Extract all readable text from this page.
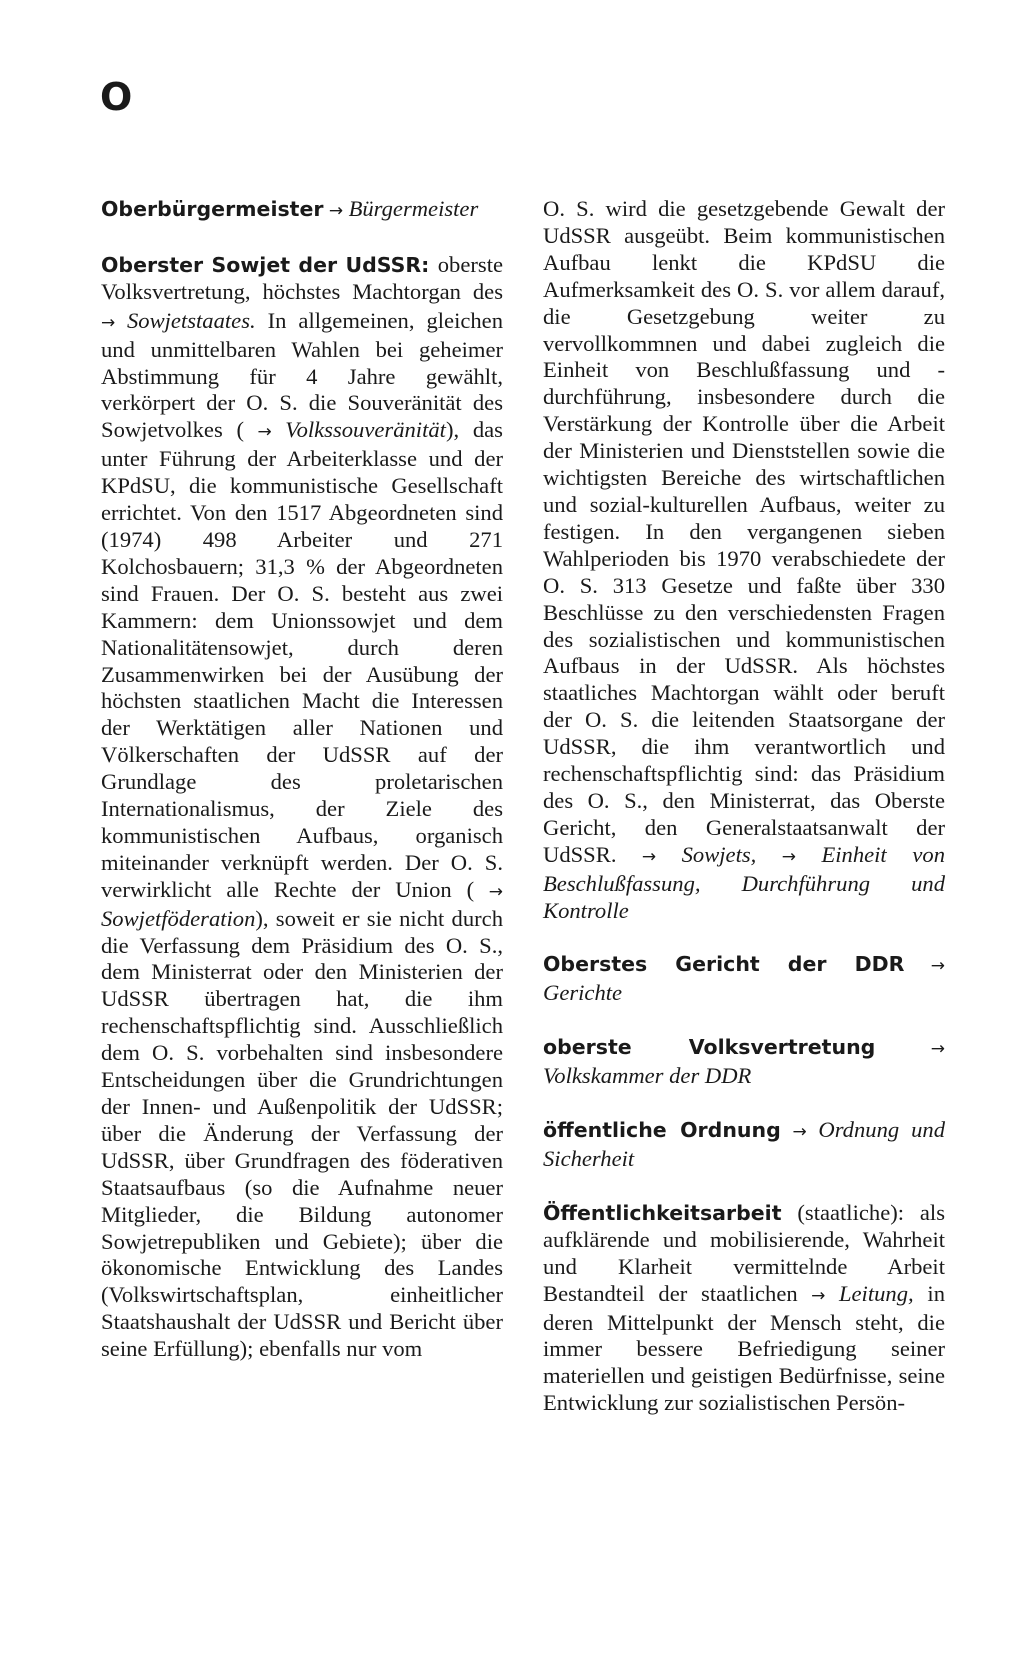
O

Oberbürgermeister → Bürgermeister

Oberster Sowjet der UdSSR: oberste Volksvertretung, höchstes Machtorgan des → Sowjetstaates. In allgemeinen, gleichen und unmittelbaren Wahlen bei geheimer Abstimmung für 4 Jahre gewählt, verkörpert der O. S. die Souveränität des Sowjetvolkes ( → Volkssouveränität), das unter Führung der Arbeiterklasse und der KPdSU, die kommunistische Gesellschaft errichtet. Von den 1517 Abgeordneten sind (1974) 498 Arbeiter und 271 Kolchosbauern; 31,3 % der Abgeordneten sind Frauen. Der O. S. besteht aus zwei Kammern: dem Unionssowjet und dem Nationalitätensowjet, durch deren Zusammenwirken bei der Ausübung der höchsten staatlichen Macht die Interessen der Werktätigen aller Nationen und Völkerschaften der UdSSR auf der Grundlage des proletarischen Internationalismus, der Ziele des kommunistischen Aufbaus, organisch miteinander verknüpft werden. Der O. S. verwirklicht alle Rechte der Union ( → Sowjetföderation), soweit er sie nicht durch die Verfassung dem Präsidium des O. S., dem Ministerrat oder den Ministerien der UdSSR übertragen hat, die ihm rechenschaftspflichtig sind. Ausschließlich dem O. S. vorbehalten sind insbesondere Entscheidungen über die Grundrichtungen der Innen- und Außenpolitik der UdSSR; über die Änderung der Verfassung der UdSSR, über Grundfragen des föderativen Staatsaufbaus (so die Aufnahme neuer Mitglieder, die Bildung autonomer Sowjetrepubliken und Gebiete); über die ökonomische Entwicklung des Landes (Volkswirtschaftsplan, einheitlicher Staatshaushalt der UdSSR und Bericht über seine Erfüllung); ebenfalls nur vom

O. S. wird die gesetzgebende Gewalt der UdSSR ausgeübt. Beim kommunistischen Aufbau lenkt die KPdSU die Aufmerksamkeit des O. S. vor allem darauf, die Gesetzgebung weiter zu vervollkommnen und dabei zugleich die Einheit von Beschlußfassung und -durchführung, insbesondere durch die Verstärkung der Kontrolle über die Arbeit der Ministerien und Dienststellen sowie die wichtigsten Bereiche des wirtschaftlichen und sozial-kulturellen Aufbaus, weiter zu festigen. In den vergangenen sieben Wahlperioden bis 1970 verabschiedete der O. S. 313 Gesetze und faßte über 330 Beschlüsse zu den verschiedensten Fragen des sozialistischen und kommunistischen Aufbaus in der UdSSR. Als höchstes staatliches Machtorgan wählt oder beruft der O. S. die leitenden Staatsorgane der UdSSR, die ihm verantwortlich und rechenschaftspflichtig sind: das Präsidium des O. S., den Ministerrat, das Oberste Gericht, den Generalstaatsanwalt der UdSSR. → Sowjets, → Einheit von Beschlußfassung, Durchführung und Kontrolle

Oberstes Gericht der DDR → Gerichte

oberste Volksvertretung → Volkskammer der DDR

öffentliche Ordnung → Ordnung und Sicherheit

Öffentlichkeitsarbeit (staatliche): als aufklärende und mobilisierende, Wahrheit und Klarheit vermittelnde Arbeit Bestandteil der staatlichen → Leitung, in deren Mittelpunkt der Mensch steht, die immer bessere Befriedigung seiner materiellen und geistigen Bedürfnisse, seine Entwicklung zur sozialistischen Persön-
